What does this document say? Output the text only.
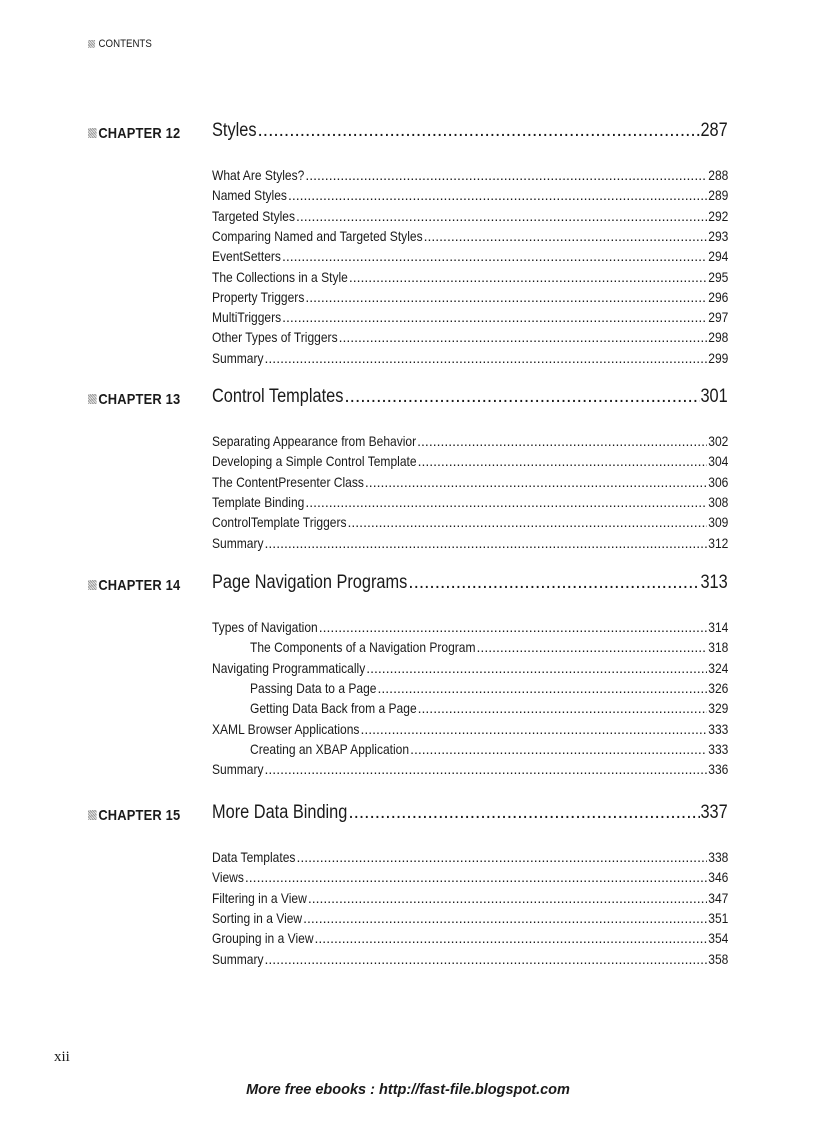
CONTENTS
CHAPTER 12 Styles .....	287
What Are Styles? .....	288
Named Styles .....	289
Targeted Styles .....	292
Comparing Named and Targeted Styles .....	293
EventSetters .....	294
The Collections in a Style .....	295
Property Triggers .....	296
MultiTriggers .....	297
Other Types of Triggers .....	298
Summary .....	299
CHAPTER 13 Control Templates .....	301
Separating Appearance from Behavior .....	302
Developing a Simple Control Template .....	304
The ContentPresenter Class .....	306
Template Binding .....	308
ControlTemplate Triggers .....	309
Summary .....	312
CHAPTER 14 Page Navigation Programs .....	313
Types of Navigation .....	314
The Components of a Navigation Program .....	318
Navigating Programmatically .....	324
Passing Data to a Page .....	326
Getting Data Back from a Page .....	329
XAML Browser Applications .....	333
Creating an XBAP Application .....	333
Summary .....	336
CHAPTER 15 More Data Binding .....	337
Data Templates .....	338
Views .....	346
Filtering in a View .....	347
Sorting in a View .....	351
Grouping in a View .....	354
Summary .....	358
xii
More free ebooks : http://fast-file.blogspot.com
